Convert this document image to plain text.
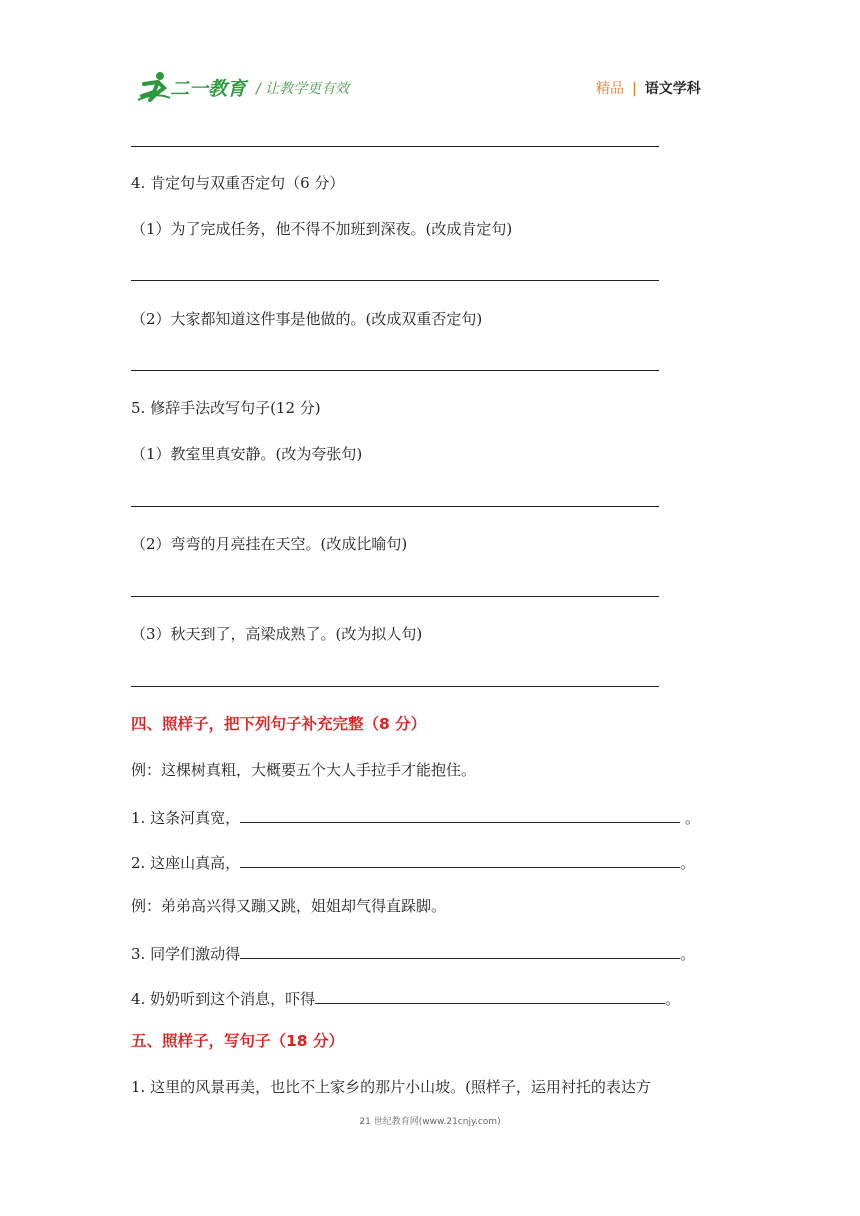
二一教育 / 让教学更有效	精品 | 语文学科
4. 肯定句与双重否定句（6 分）
（1）为了完成任务，他不得不加班到深夜。(改成肯定句)
（2）大家都知道这件事是他做的。(改成双重否定句)
5. 修辞手法改写句子(12 分)
（1）教室里真安静。(改为夸张句)
（2）弯弯的月亮挂在天空。(改成比喻句)
（3）秋天到了，高梁成熟了。(改为拟人句)
四、照样子，把下列句子补充完整（8 分）
例：这棵树真粗，大概要五个大人手拉手才能抱住。
1. 这条河真宽，	。
2. 这座山真高，	。
例：弟弟高兴得又蹦又跳，姐姐却气得直跺脚。
3. 同学们激动得	。
4. 奶奶听到这个消息，吓得	。
五、照样子，写句子（18 分）
1. 这里的风景再美，也比不上家乡的那片小山坡。(照样子，运用衬托的表达方
21 世纪教育网(www.21cnjy.com)
